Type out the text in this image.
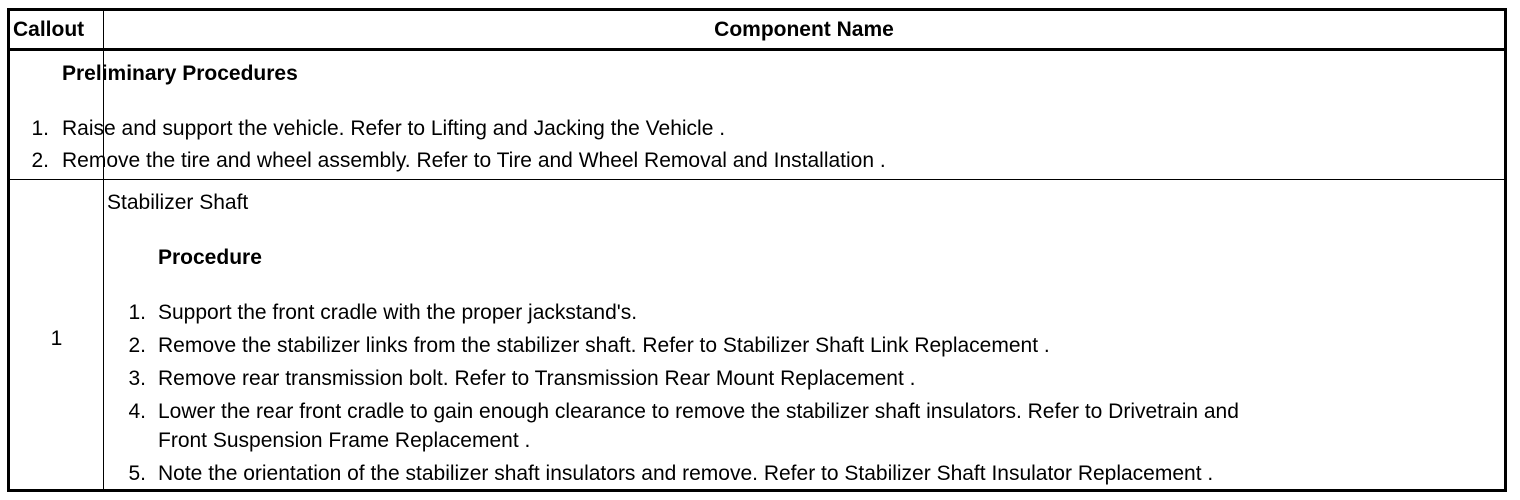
Callout	Component Name
Preliminary Procedures
1. Raise and support the vehicle. Refer to Lifting and Jacking the Vehicle .
2. Remove the tire and wheel assembly. Refer to Tire and Wheel Removal and Installation .
1
Stabilizer Shaft
Procedure
1. Support the front cradle with the proper jackstand's.
2. Remove the stabilizer links from the stabilizer shaft. Refer to Stabilizer Shaft Link Replacement .
3. Remove rear transmission bolt. Refer to Transmission Rear Mount Replacement .
4. Lower the rear front cradle to gain enough clearance to remove the stabilizer shaft insulators. Refer to Drivetrain and
Front Suspension Frame Replacement .
5. Note the orientation of the stabilizer shaft insulators and remove. Refer to Stabilizer Shaft Insulator Replacement .
